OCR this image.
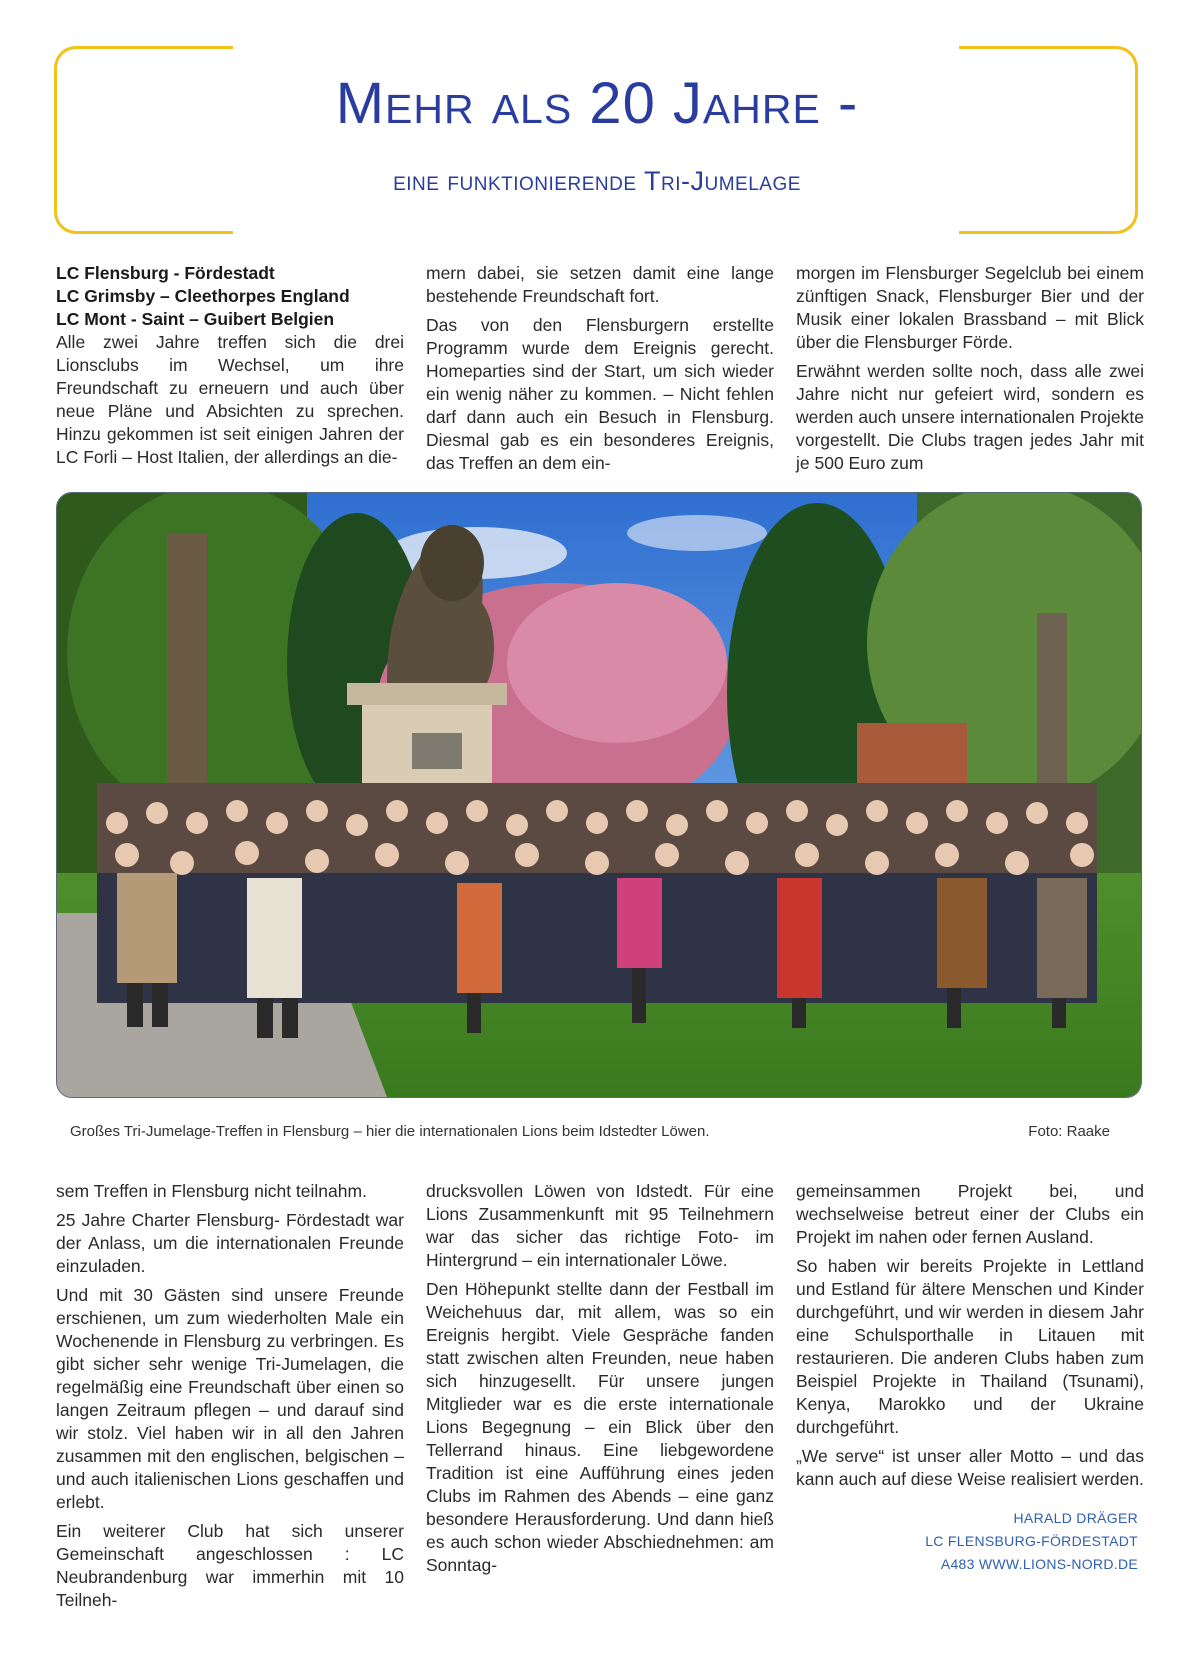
Mehr als 20 Jahre -
eine funktionierende Tri-Jumelage

LC Flensburg - Fördestadt

LC Grimsby – Cleethorpes England

LC Mont - Saint – Guibert Belgien

Alle zwei Jahre treffen sich die drei Lionsclubs im Wechsel, um ihre Freundschaft zu erneuern und auch über neue Pläne und Absichten zu sprechen. Hinzu gekommen ist seit einigen Jahren der LC Forli – Host Italien, der allerdings an die-

mern dabei, sie setzen damit eine lange bestehende Freundschaft fort.

Das von den Flensburgern erstellte Programm wurde dem Ereignis gerecht. Homeparties sind der Start, um sich wieder ein wenig näher zu kommen. – Nicht fehlen darf dann auch ein Besuch in Flensburg. Diesmal gab es ein besonderes Ereignis, das Treffen an dem ein-

morgen im Flensburger Segelclub bei einem zünftigen Snack, Flensburger Bier und der Musik einer lokalen Brassband – mit Blick über die Flensburger Förde.

Erwähnt werden sollte noch, dass alle zwei Jahre nicht nur gefeiert wird, sondern es werden auch unsere internationalen Projekte vorgestellt. Die Clubs tragen jedes Jahr mit je 500 Euro zum

Großes Tri-Jumelage-Treffen in Flensburg – hier die internationalen Lions beim Idstedter Löwen.	Foto: Raake

sem Treffen in Flensburg nicht teilnahm.

25 Jahre Charter Flensburg- Fördestadt war der Anlass, um die internationalen Freunde einzuladen.

Und mit 30 Gästen sind unsere Freunde erschienen, um zum wiederholten Male ein Wochenende in Flensburg zu verbringen. Es gibt sicher sehr wenige Tri-Jumelagen, die regelmäßig eine Freundschaft über einen so langen Zeitraum pflegen – und darauf sind wir stolz. Viel haben wir in all den Jahren zusammen mit den englischen, belgischen – und auch italienischen Lions geschaffen und erlebt.

Ein weiterer Club hat sich unserer Gemeinschaft angeschlossen : LC Neubrandenburg war immerhin mit 10 Teilneh-

drucksvollen Löwen von Idstedt. Für eine Lions Zusammenkunft mit 95 Teilnehmern war das sicher das richtige Foto- im Hintergrund – ein internationaler Löwe.

Den Höhepunkt stellte dann der Festball im Weichehuus dar, mit allem, was so ein Ereignis hergibt. Viele Gespräche fanden statt zwischen alten Freunden, neue haben sich hinzugesellt. Für unsere jungen Mitglieder war es die erste internationale Lions Begegnung – ein Blick über den Tellerrand hinaus. Eine liebgewordene Tradition ist eine Aufführung eines jeden Clubs im Rahmen des Abends – eine ganz besondere Herausforderung. Und dann hieß es auch schon wieder Abschiednehmen: am Sonntag-

gemeinsammen Projekt bei, und wechselweise betreut einer der Clubs ein Projekt im nahen oder fernen Ausland.

So haben wir bereits Projekte in Lettland und Estland für ältere Menschen und Kinder durchgeführt, und wir werden in diesem Jahr eine Schulsporthalle in Litauen mit restaurieren. Die anderen Clubs haben zum Beispiel Projekte in Thailand (Tsunami), Kenya, Marokko und der Ukraine durchgeführt.

„We serve“ ist unser aller Motto – und das kann auch auf diese Weise realisiert werden.

HARALD DRÄGER
LC FLENSBURG-FÖRDESTADT
A483 WWW.LIONS-NORD.DE
